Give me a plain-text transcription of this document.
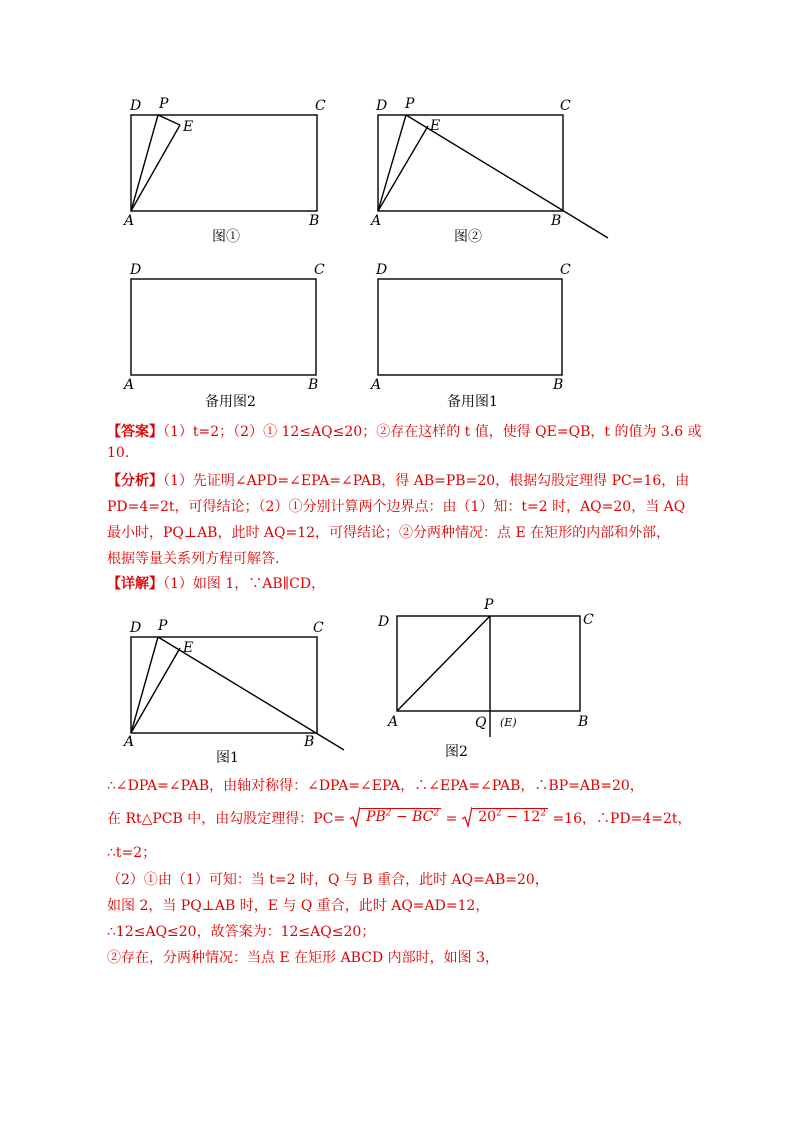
D P	C
E
A	B
图①
D P	C
E
A	B
图②
D	C
A	B
备用图2
D	C
A	B
备用图1
D P	C
E
A	B
图1
P
D	C
A	Q (E)	B
图2
【答案】（1）t=2；（2）① 12≤AQ≤20；②存在这样的 t 值，使得 QE=QB，t 的值为 3.6 或
10.
【分析】（1）先证明∠APD=∠EPA=∠PAB，得 AB=PB=20，根据勾股定理得 PC=16，由
PD=4=2t，可得结论；（2）①分别计算两个边界点：由（1）知：t=2 时，AQ=20，当 AQ
最小时，PQ⊥AB，此时 AQ=12，可得结论；②分两种情况：点 E 在矩形的内部和外部，
根据等量关系列方程可解答.
【详解】（1）如图 1，∵AB∥CD，
∴∠DPA=∠PAB，由轴对称得：∠DPA=∠EPA，∴∠EPA=∠PAB，∴BP=AB=20，
在 Rt△PCB 中，由勾股定理得：$PC= PB^2 - BC^2 = 20^2 - 12^2 =16$，∴PD=4=2t，
∴t=2；
（2）①由（1）可知：当 t=2 时，Q 与 B 重合，此时 AQ=AB=20，
如图 2，当 PQ⊥AB 时，E 与 Q 重合，此时 AQ=AD=12，
∴12≤AQ≤20，故答案为：12≤AQ≤20；
②存在，分两种情况：当点 E 在矩形 ABCD 内部时，如图 3，
